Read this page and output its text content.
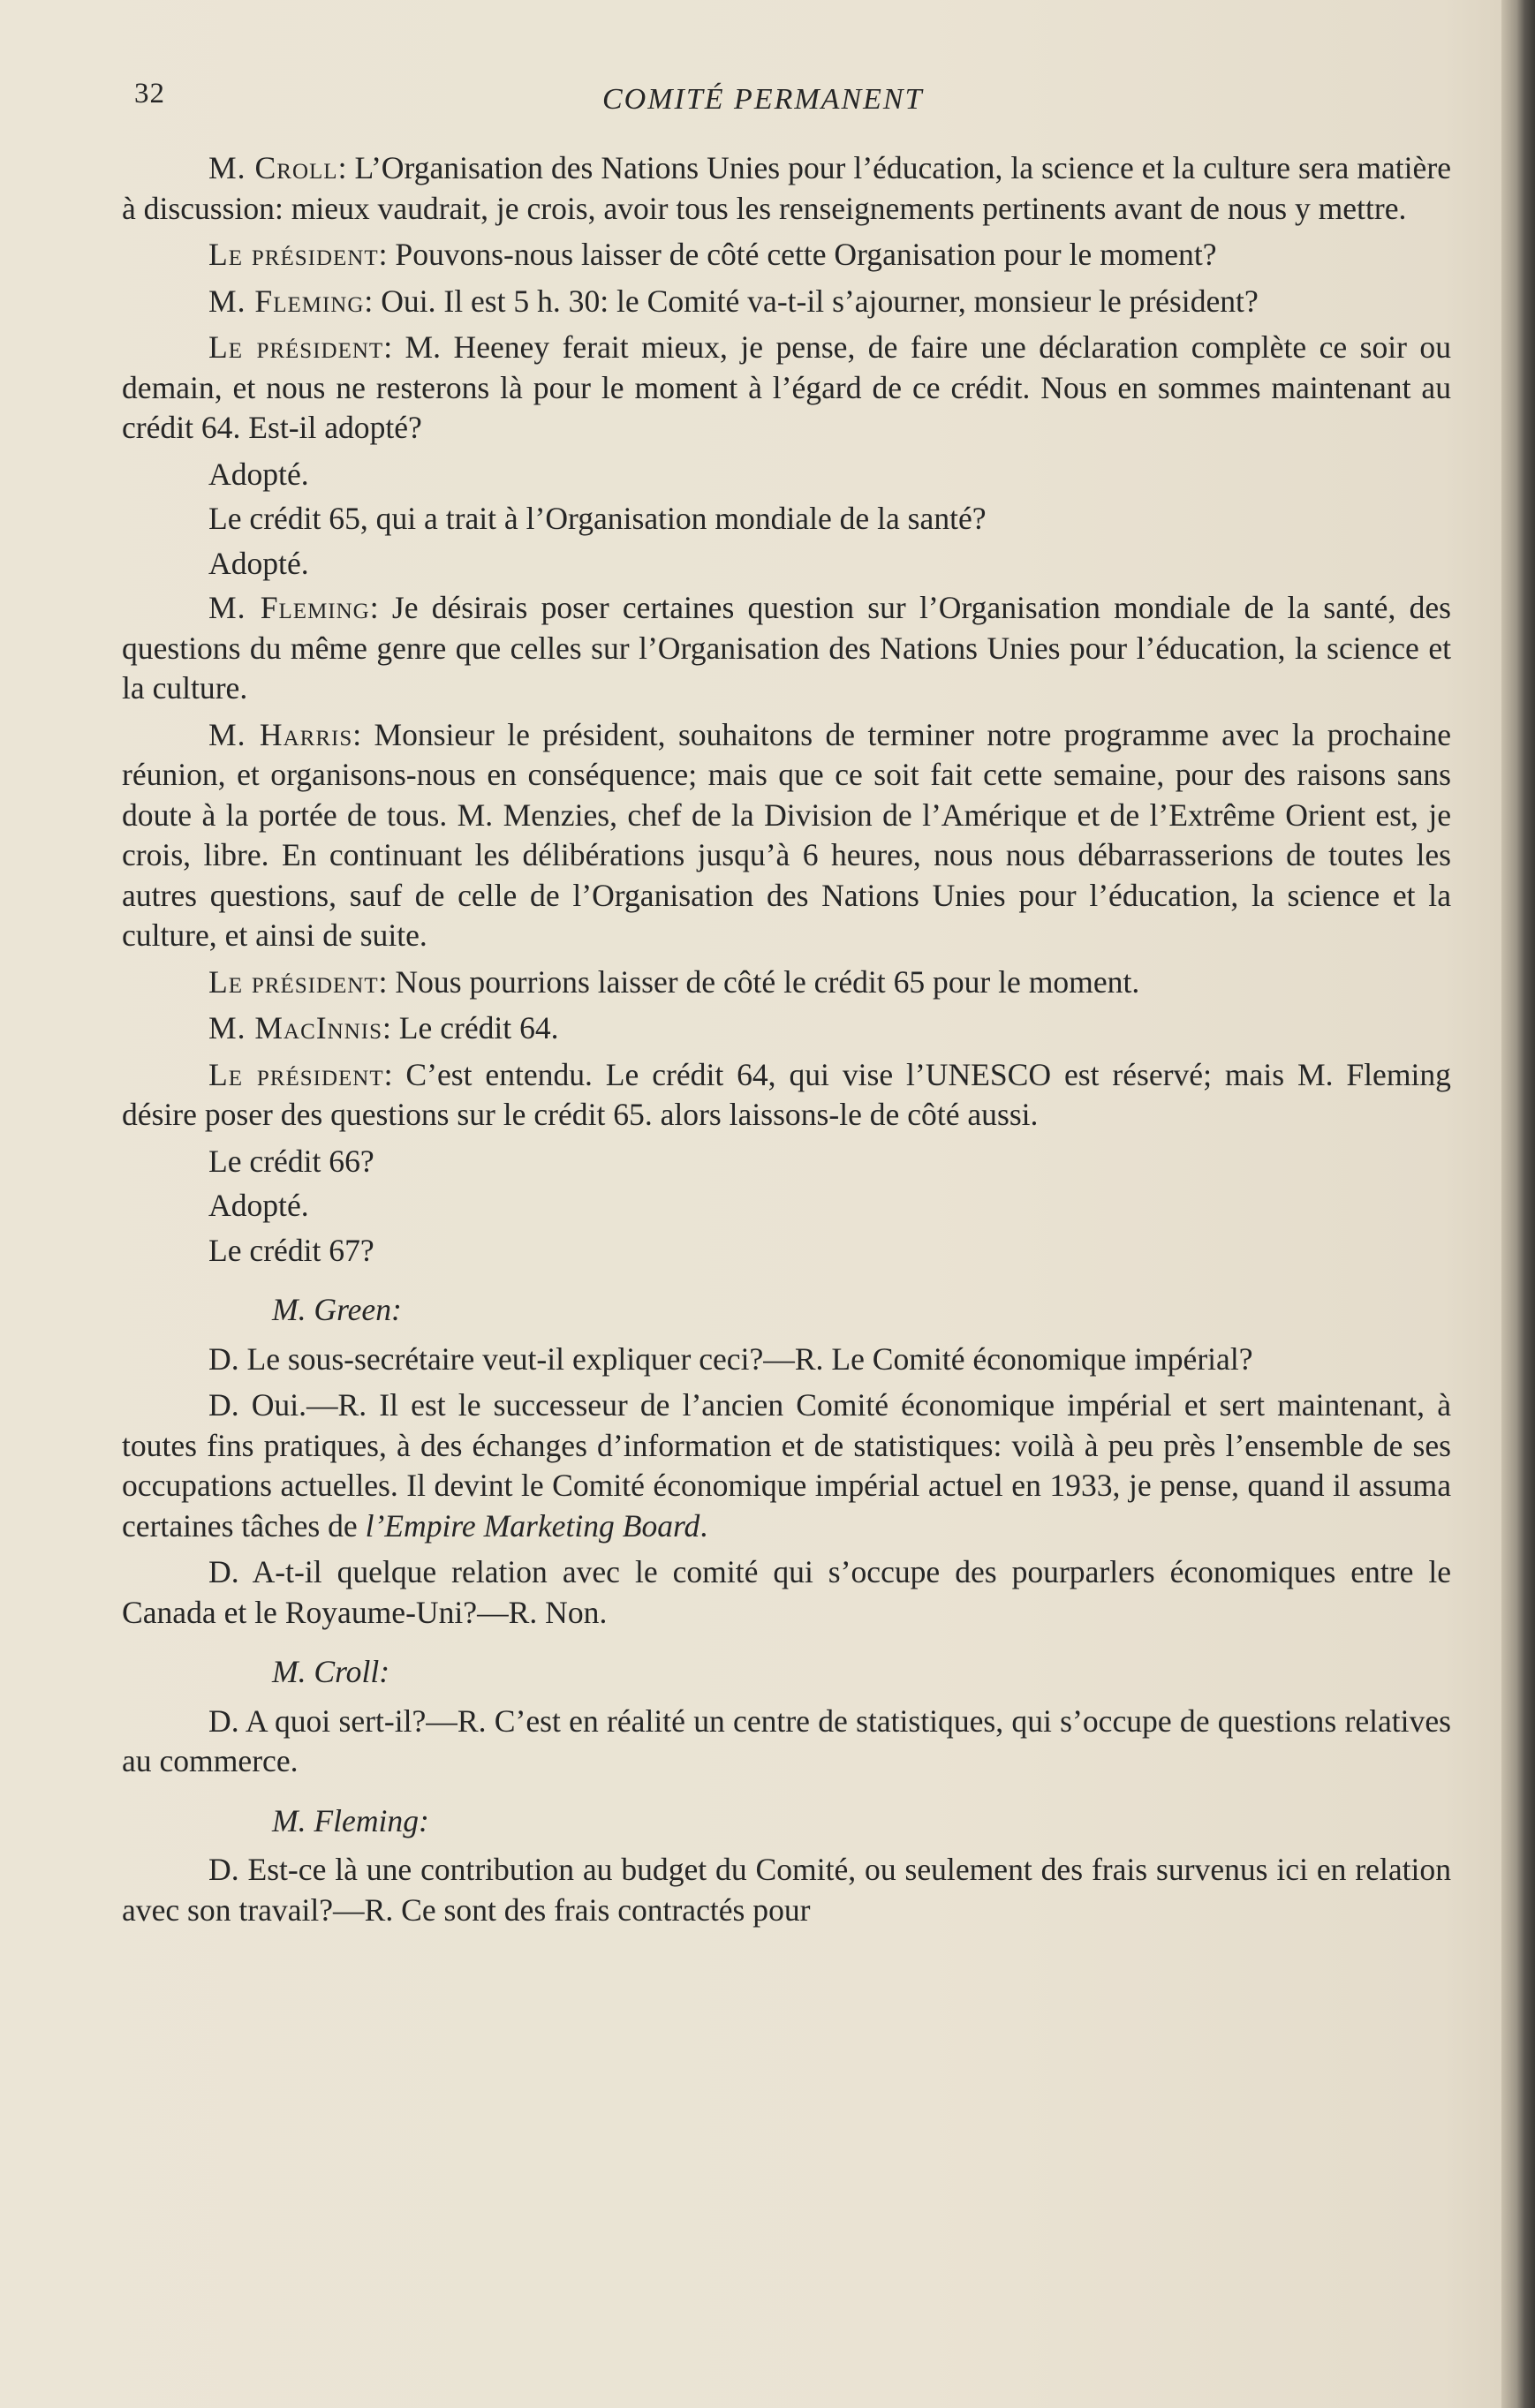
32	COMITÉ PERMANENT

M. Croll: L’Organisation des Nations Unies pour l’éducation, la science et la culture sera matière à discussion: mieux vaudrait, je crois, avoir tous les renseignements pertinents avant de nous y mettre.

Le président: Pouvons-nous laisser de côté cette Organisation pour le moment?

M. Fleming: Oui. Il est 5 h. 30: le Comité va-t-il s’ajourner, monsieur le président?

Le président: M. Heeney ferait mieux, je pense, de faire une déclaration complète ce soir ou demain, et nous ne resterons là pour le moment à l’égard de ce crédit. Nous en sommes maintenant au crédit 64. Est-il adopté?

Adopté.

Le crédit 65, qui a trait à l’Organisation mondiale de la santé?

Adopté.

M. Fleming: Je désirais poser certaines question sur l’Organisation mondiale de la santé, des questions du même genre que celles sur l’Organisation des Nations Unies pour l’éducation, la science et la culture.

M. Harris: Monsieur le président, souhaitons de terminer notre programme avec la prochaine réunion, et organisons-nous en conséquence; mais que ce soit fait cette semaine, pour des raisons sans doute à la portée de tous. M. Menzies, chef de la Division de l’Amérique et de l’Extrême Orient est, je crois, libre. En continuant les délibérations jusqu’à 6 heures, nous nous débarrasserions de toutes les autres questions, sauf de celle de l’Organisation des Nations Unies pour l’éducation, la science et la culture, et ainsi de suite.

Le président: Nous pourrions laisser de côté le crédit 65 pour le moment.

M. MacInnis: Le crédit 64.

Le président: C’est entendu. Le crédit 64, qui vise l’UNESCO est réservé; mais M. Fleming désire poser des questions sur le crédit 65. alors laissons-le de côté aussi.

Le crédit 66?

Adopté.

Le crédit 67?

M. Green:

D. Le sous-secrétaire veut-il expliquer ceci?—R. Le Comité économique impérial?

D. Oui.—R. Il est le successeur de l’ancien Comité économique impérial et sert maintenant, à toutes fins pratiques, à des échanges d’information et de statistiques: voilà à peu près l’ensemble de ses occupations actuelles. Il devint le Comité économique impérial actuel en 1933, je pense, quand il assuma certaines tâches de l’Empire Marketing Board.

D. A-t-il quelque relation avec le comité qui s’occupe des pourparlers économiques entre le Canada et le Royaume-Uni?—R. Non.

M. Croll:

D. A quoi sert-il?—R. C’est en réalité un centre de statistiques, qui s’occupe de questions relatives au commerce.

M. Fleming:

D. Est-ce là une contribution au budget du Comité, ou seulement des frais survenus ici en relation avec son travail?—R. Ce sont des frais contractés pour
